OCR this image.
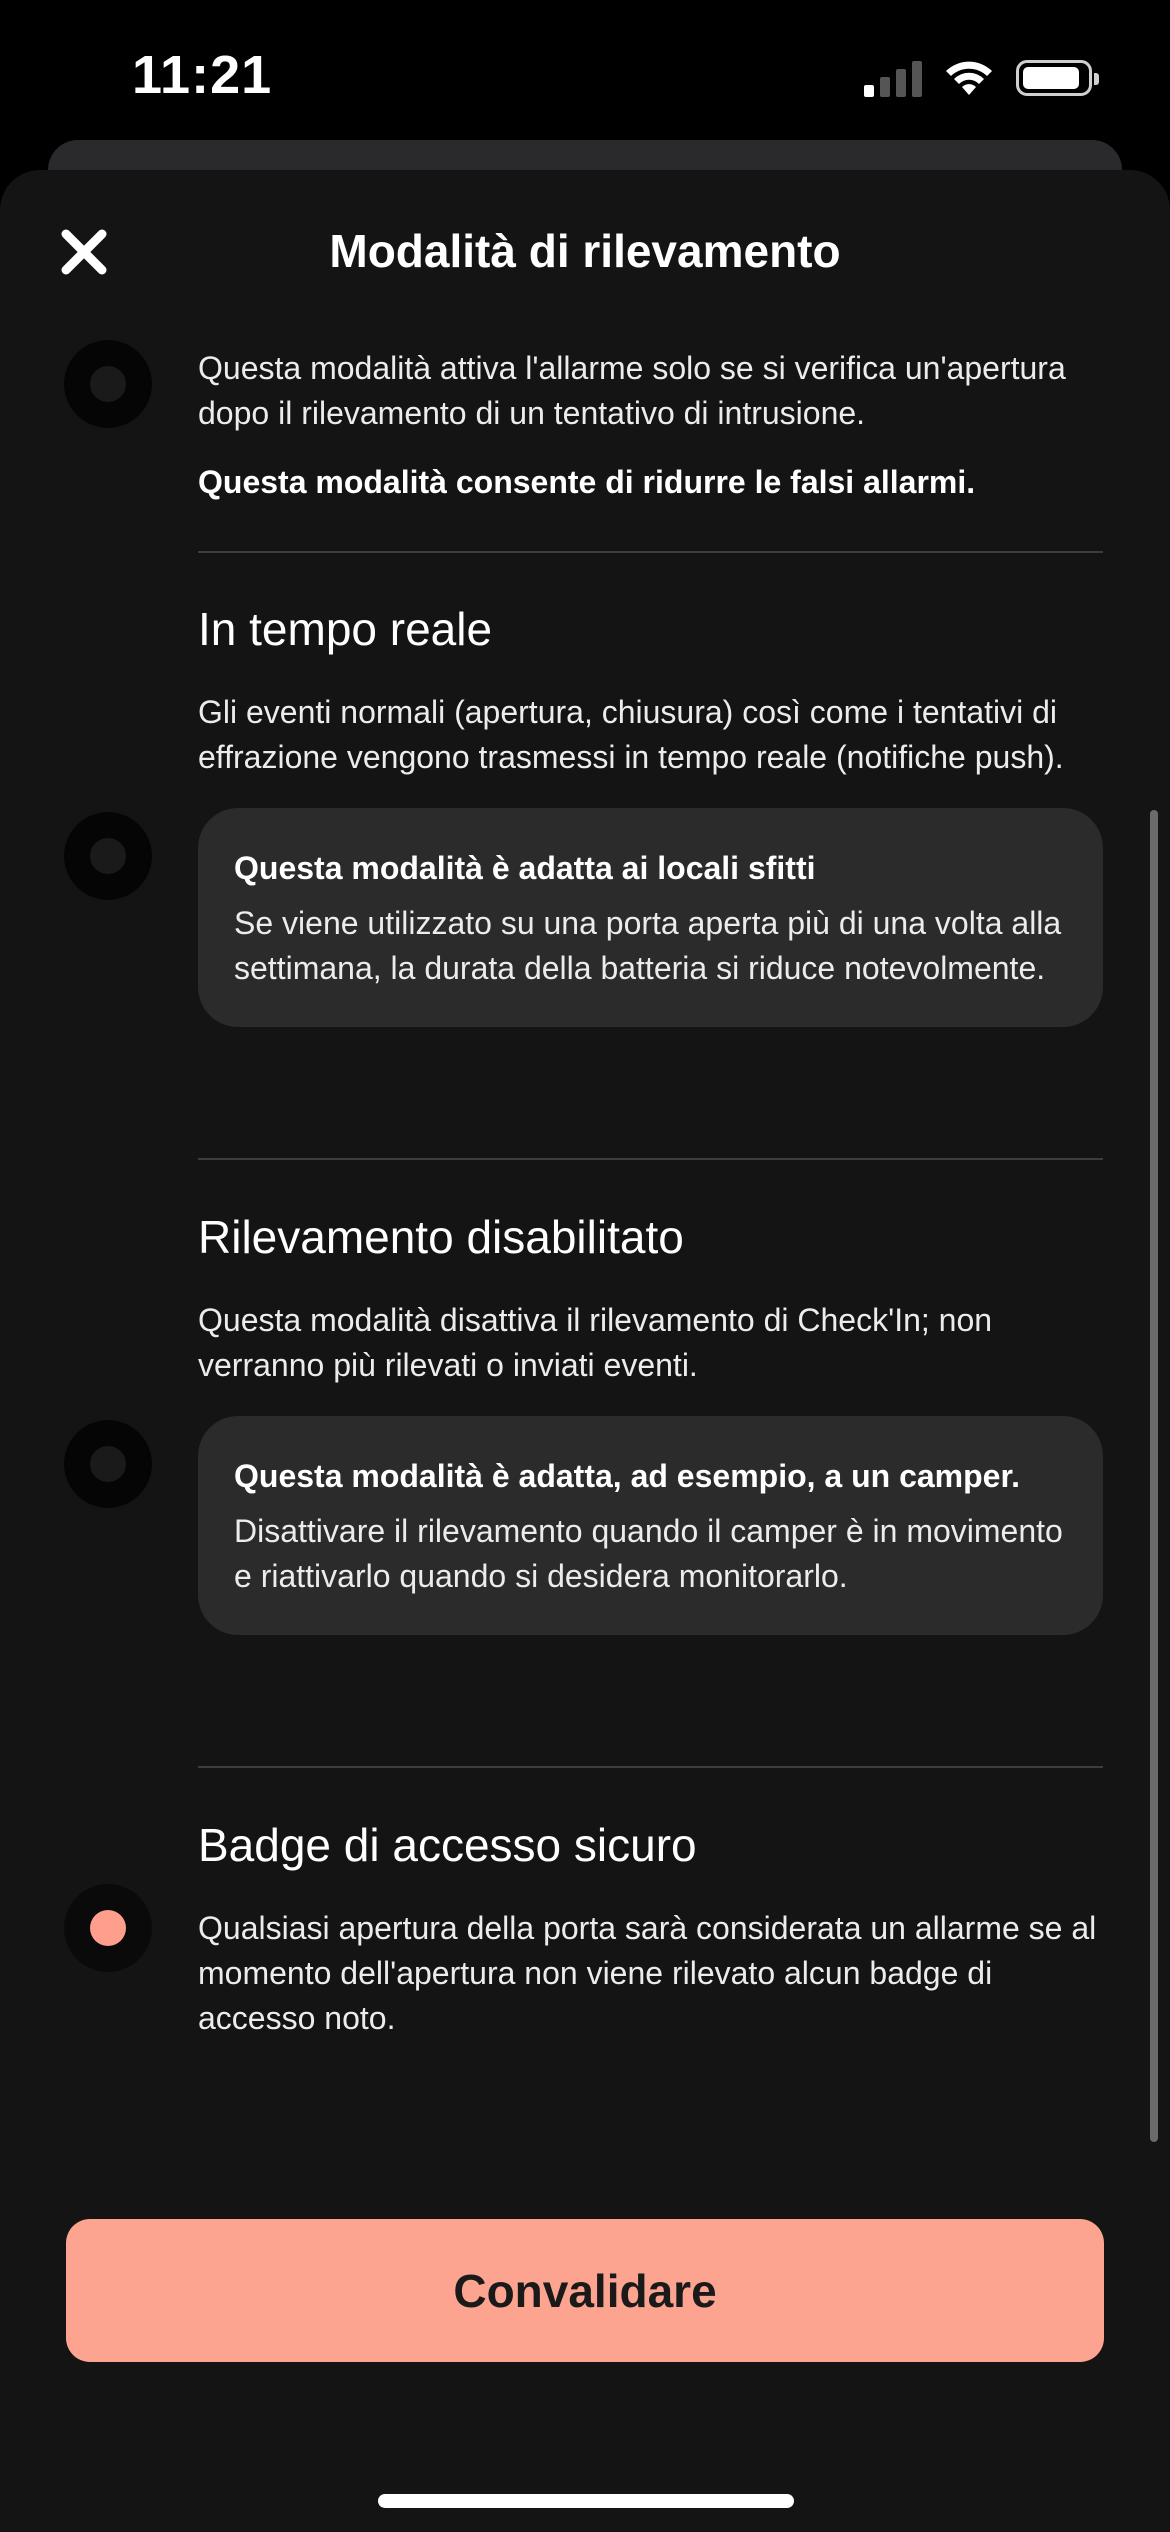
11:21
Modalità di rilevamento

Questa modalità attiva l'allarme solo se si verifica un'apertura dopo il rilevamento di un tentativo di intrusione.

Questa modalità consente di ridurre le falsi allarmi.

In tempo reale

Gli eventi normali (apertura, chiusura) così come i tentativi di effrazione vengono trasmessi in tempo reale (notifiche push).

Questa modalità è adatta ai locali sfitti

Se viene utilizzato su una porta aperta più di una volta alla settimana, la durata della batteria si riduce notevolmente.

Rilevamento disabilitato

Questa modalità disattiva il rilevamento di Check'In; non verranno più rilevati o inviati eventi.

Questa modalità è adatta, ad esempio, a un camper.

Disattivare il rilevamento quando il camper è in movimento e riattivarlo quando si desidera monitorarlo.

Badge di accesso sicuro

Qualsiasi apertura della porta sarà considerata un allarme se al momento dell'apertura non viene rilevato alcun badge di accesso noto.

Convalidare
